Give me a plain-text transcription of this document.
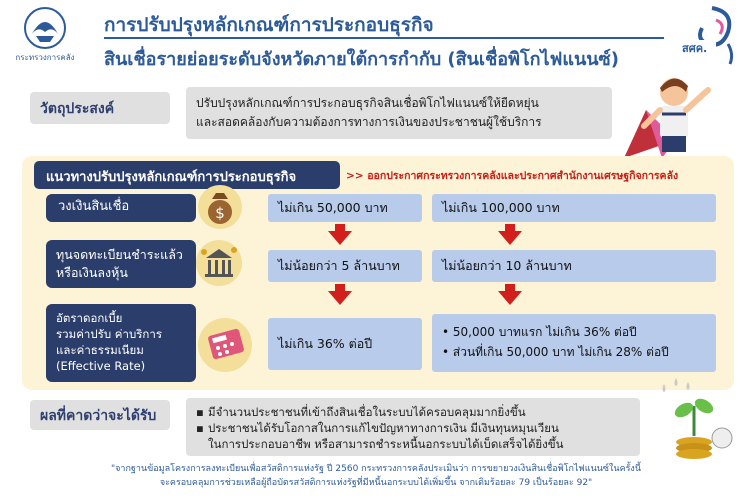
กระทรวงการคลัง
การปรับปรุงหลักเกณฑ์การประกอบธุรกิจ
สินเชื่อรายย่อยระดับจังหวัดภายใต้การกำกับ (สินเชื่อพิโกไฟแนนซ์)
สศค.
วัตถุประสงค์	ปรับปรุงหลักเกณฑ์การประกอบธุรกิจสินเชื่อพิโกไฟแนนซ์ให้ยืดหยุ่น
และสอดคล้องกับความต้องการทางการเงินของประชาชนผู้ใช้บริการ
แนวทางปรับปรุงหลักเกณฑ์การประกอบธุรกิจ	>> ออกประกาศกระทรวงการคลังและประกาศสำนักงานเศรษฐกิจการคลัง
วงเงินสินเชื่อ	$	ไม่เกิน 50,000 บาท	ไม่เกิน 100,000 บาท
ทุนจดทะเบียนชำระแล้ว
หรือเงินลงหุ้น	ไม่น้อยกว่า 5 ล้านบาท	ไม่น้อยกว่า 10 ล้านบาท
อัตราดอกเบี้ย
รวมค่าปรับ ค่าบริการ
และค่าธรรมเนียม
(Effective Rate)
ไม่เกิน 36% ต่อปี
• 50,000 บาทแรก ไม่เกิน 36% ต่อปี
• ส่วนที่เกิน 50,000 บาท ไม่เกิน 28% ต่อปี
ผลที่คาดว่าจะได้รับ
▪	มีจำนวนประชาชนที่เข้าถึงสินเชื่อในระบบได้ครอบคลุมมากยิ่งขึ้น
▪ ประชาชนได้รับโอกาสในการแก้ไขปัญหาทางการเงิน มีเงินทุนหมุนเวียน
ในการประกอบอาชีพ หรือสามารถชำระหนี้นอกระบบได้เบ็ดเสร็จได้ยิ่งขึ้น
"จากฐานข้อมูลโครงการลงทะเบียนเพื่อสวัสดิการแห่งรัฐ ปี 2560 กระทรวงการคลังประเมินว่า การขยายวงเงินสินเชื่อพิโกไฟแนนซ์ในครั้งนี้
จะครอบคลุมการช่วยเหลือผู้ถือบัตรสวัสดิการแห่งรัฐที่มีหนี้นอกระบบได้เพิ่มขึ้น จากเดิมร้อยละ 79 เป็นร้อยละ 92"
